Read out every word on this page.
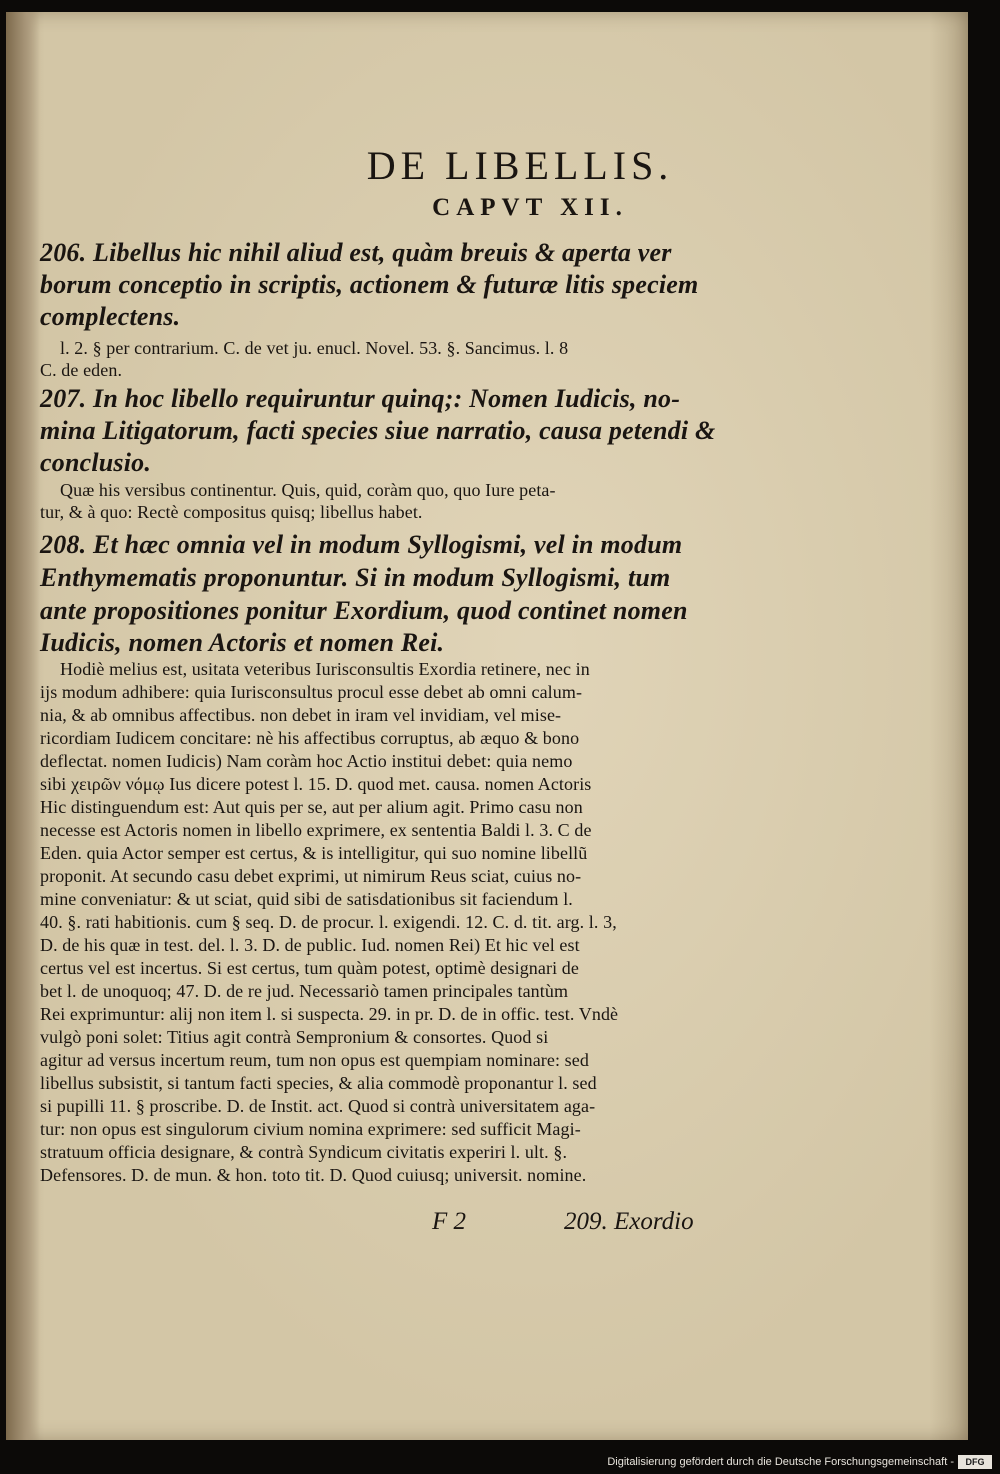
DE LIBELLIS.
CAPVT XII.
206. Libellus hic nihil aliud est, quàm breuis & aperta ver
borum conceptio in scriptis, actionem & futuræ litis speciem
complectens.
l. 2. § per contrarium. C. de vet ju. enucl. Novel. 53. §. Sancimus. l. 8
C. de eden.
207. In hoc libello requiruntur quinq;: Nomen Iudicis, no-
mina Litigatorum, facti species siue narratio, causa petendi &
conclusio.
Quæ his versibus continentur. Quis, quid, coràm quo, quo Iure peta-
tur, & à quo: Rectè compositus quisq; libellus habet.
208. Et hæc omnia vel in modum Syllogismi, vel in modum
Enthymematis proponuntur. Si in modum Syllogismi, tum
ante propositiones ponitur Exordium, quod continet nomen
Iudicis, nomen Actoris et nomen Rei.
Hodiè melius est, usitata veteribus Iurisconsultis Exordia retinere, nec in
ijs modum adhibere: quia Iurisconsultus procul esse debet ab omni calum-
nia, & ab omnibus affectibus. non debet in iram vel invidiam, vel mise-
ricordiam Iudicem concitare: nè his affectibus corruptus, ab æquo & bono
deflectat. nomen Iudicis) Nam coràm hoc Actio institui debet: quia nemo
sibi χειρῶν νόμῳ Ius dicere potest l. 15. D. quod met. causa. nomen Actoris
Hic distinguendum est: Aut quis per se, aut per alium agit. Primo casu non
necesse est Actoris nomen in libello exprimere, ex sententia Baldi l. 3. C de
Eden. quia Actor semper est certus, & is intelligitur, qui suo nomine libellũ
proponit. At secundo casu debet exprimi, ut nimirum Reus sciat, cuius no-
mine conveniatur: & ut sciat, quid sibi de satisdationibus sit faciendum l.
40. §. rati habitionis. cum § seq. D. de procur. l. exigendi. 12. C. d. tit. arg. l. 3,
D. de his quæ in test. del. l. 3. D. de public. Iud. nomen Rei) Et hic vel est
certus vel est incertus. Si est certus, tum quàm potest, optimè designari de
bet l. de unoquoq; 47. D. de re jud. Necessariò tamen principales tantùm
Rei exprimuntur: alij non item l. si suspecta. 29. in pr. D. de in offic. test. Vndè
vulgò poni solet: Titius agit contrà Sempronium & consortes. Quod si
agitur ad versus incertum reum, tum non opus est quempiam nominare: sed
libellus subsistit, si tantum facti species, & alia commodè proponantur l. sed
si pupilli 11. § proscribe. D. de Instit. act. Quod si contrà universitatem aga-
tur: non opus est singulorum civium nomina exprimere: sed sufficit Magi-
stratuum officia designare, & contrà Syndicum civitatis experiri l. ult. §.
Defensores. D. de mun. & hon. toto tit. D. Quod cuiusq; universit. nomine.
F 2	209. Exordio
Digitalisierung gefördert durch die Deutsche Forschungsgemeinschaft -	DFG
